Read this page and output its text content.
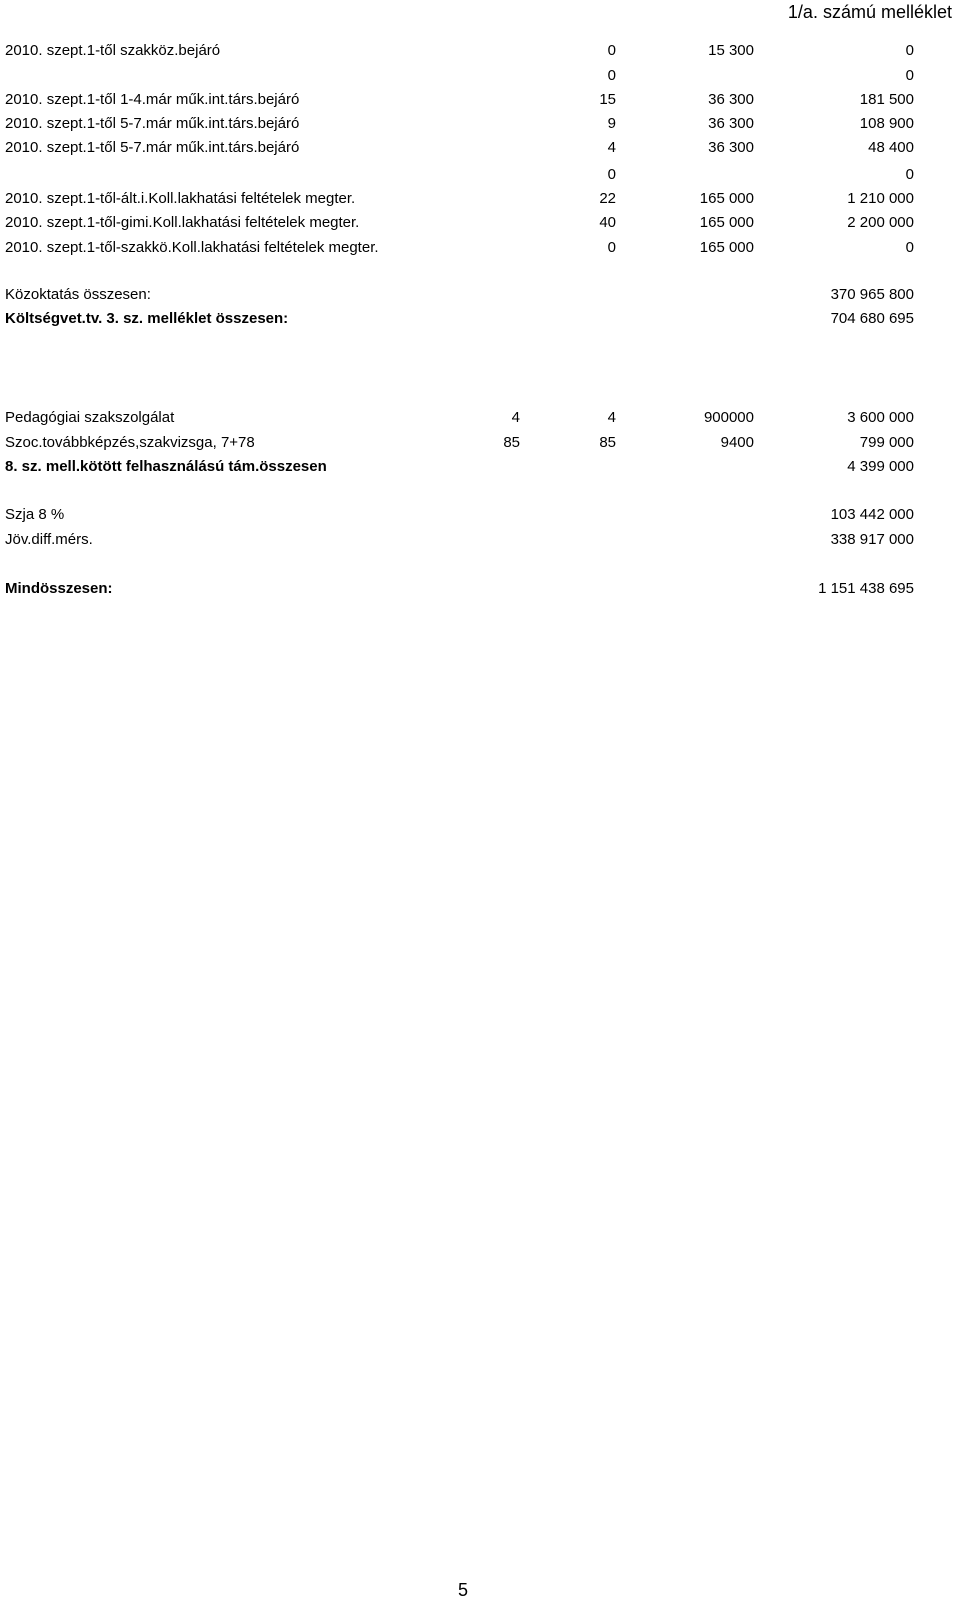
1/a. számú melléklet
2010. szept.1-től szakköz.bejáró	0	15 300	0
0	0
2010. szept.1-től 1-4.már műk.int.társ.bejáró	15	36 300	181 500
2010. szept.1-től 5-7.már műk.int.társ.bejáró	9	36 300	108 900
2010. szept.1-től 5-7.már műk.int.társ.bejáró	4	36 300	48 400
0	0
2010. szept.1-től-ált.i.Koll.lakhatási feltételek megter.	22	165 000	1 210 000
2010. szept.1-től-gimi.Koll.lakhatási feltételek megter.	40	165 000	2 200 000
2010. szept.1-től-szakkö.Koll.lakhatási feltételek megter.	0	165 000	0
Közoktatás összesen:	370 965 800
Költségvet.tv. 3. sz. melléklet összesen:	704 680 695
Pedagógiai szakszolgálat	4	4	900000	3 600 000
Szoc.továbbképzés,szakvizsga, 7+78	85	85	9400	799 000
8. sz. mell.kötött felhasználású tám.összesen	4 399 000
Szja 8 %	103 442 000
Jöv.diff.mérs.	338 917 000
Mindösszesen:	1 151 438 695
5
